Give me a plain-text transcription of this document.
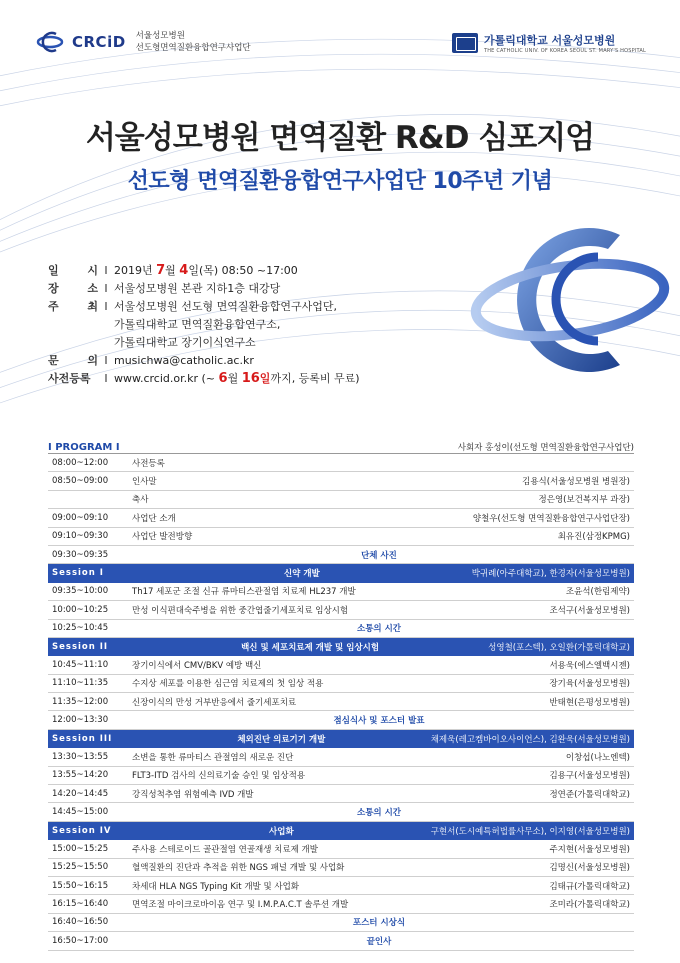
CRCiD 서울성모병원
선도형면역질환융합연구사업단
가톨릭대학교 서울성모병원
THE CATHOLIC UNIV. OF KOREA SEOUL ST. MARY'S HOSPITAL
서울성모병원 면역질환 R&D 심포지엄
선도형 면역질환융합연구사업단 10주년 기념
일 시 I 2019년 7월 4일(목) 08:50 ~17:00
장 소 I 서울성모병원 본관 지하1층 대강당
주 최 I 서울성모병원 선도형 면역질환융합연구사업단,
가톨릭대학교 면역질환융합연구소,
가톨릭대학교 장기이식연구소
문 의 I musichwa@catholic.ac.kr
사전등록	I www.crcid.or.kr (~ 6월 16일까지, 등록비 무료)
I PROGRAM I	사회자 홍성이(선도형 면역질환융합연구사업단)
08:00~12:00	사전등록
08:50~09:00	인사말	김용식(서울성모병원 병원장)
축사	정은영(보건복지부 과장)
09:00~09:10	사업단 소개	양철우(선도형 면역질환융합연구사업단장)
09:10~09:30	사업단 발전방향	최유진(삼정KPMG)
09:30~09:35	단체 사진
Session I	신약 개발	박귀례(아주대학교), 한경자(서울성모병원)
09:35~10:00	Th17 세포군 조절 신규 류마티스관절염 치료제 HL237 개발	조윤석(한림제약)
10:00~10:25	만성 이식편대숙주병을 위한 중간엽줄기세포치료 임상시험	조석구(서울성모병원)
10:25~10:45	소통의 시간
Session II	백신 및 세포치료제 개발 및 임상시험	성영철(포스텍), 오일환(가톨릭대학교)
10:45~11:10	장기이식에서 CMV/BKV 예방 백신	서용욱(에스엘백시젠)
11:10~11:35	수지상 세포를 이용한 심근염 치료제의 첫 임상 적용	장기육(서울성모병원)
11:35~12:00	신장이식의 만성 거부반응에서 줄기세포치료	반태현(은평성모병원)
12:00~13:30	점심식사 및 포스터 발표
Session III	체외진단 의료기기 개발	채제욱(레고켐바이오사이언스), 김완욱(서울성모병원)
13:30~13:55	소변을 통한 류마티스 관절염의 새로운 진단	이창섭(나노엔텍)
13:55~14:20	FLT3-ITD 검사의 신의료기술 승인 및 임상적용	김용구(서울성모병원)
14:20~14:45	강직성척추염 위험예측 IVD 개발	정연준(가톨릭대학교)
14:45~15:00	소통의 시간
Session IV	사업화	구현서(도시예특허법률사무소), 이지영(서울성모병원)
15:00~15:25	주사용 스테로이드 골관절염 연골재생 치료제 개발	주지현(서울성모병원)
15:25~15:50	혈액질환의 진단과 추적을 위한 NGS 패널 개발 및 사업화	김명신(서울성모병원)
15:50~16:15	차세대 HLA NGS Typing Kit 개발 및 사업화	김태규(가톨릭대학교)
16:15~16:40	면역조절 마이크로바이옴 연구 및 I.M.P.A.C.T 솔루션 개발	조미라(가톨릭대학교)
16:40~16:50	포스터 시상식
16:50~17:00	끝인사
